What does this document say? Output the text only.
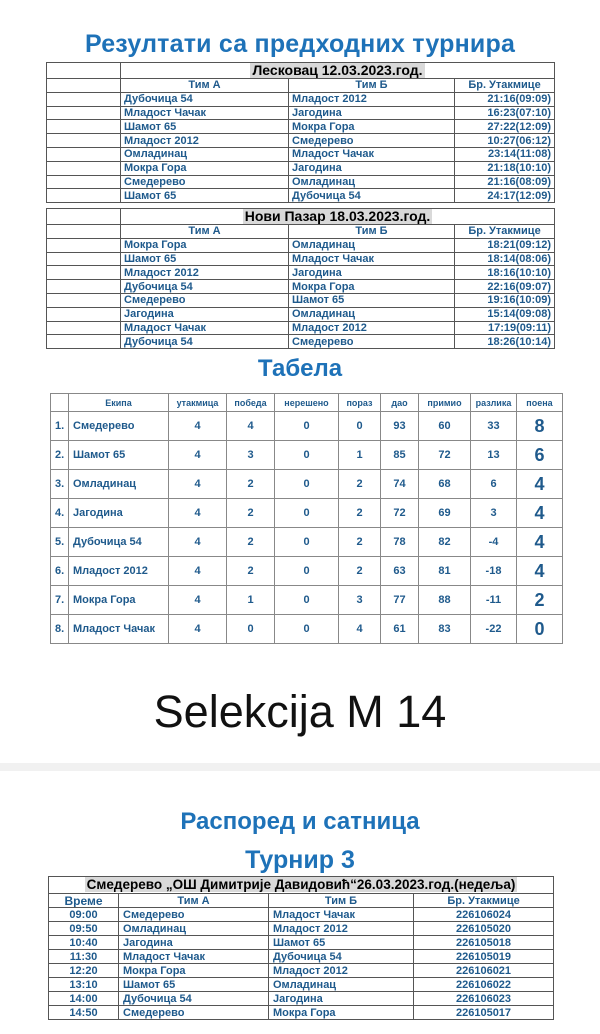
Резултати са предходних турнира
	Лесковац 12.03.2023.год.		
	Тим А	Тим Б	Бр. Утакмице
	Дубочица 54	Младост 2012	21:16(09:09)
	Младост Чачак	Јагодина	16:23(07:10)
	Шамот 65	Мокра Гора	27:22(12:09)
	Младост 2012	Смедерево	10:27(06:12)
	Омладинац	Младост Чачак	23:14(11:08)
	Мокра Гора	Јагодина	21:18(10:10)
	Смедерево	Омладинац	21:16(08:09)
	Шамот 65	Дубочица 54	24:17(12:09)
	Нови Пазар 18.03.2023.год.		
	Тим А	Тим Б	Бр. Утакмице
	Мокра Гора	Омладинац	18:21(09:12)
	Шамот 65	Младост Чачак	18:14(08:06)
	Младост 2012	Јагодина	18:16(10:10)
	Дубочица 54	Мокра Гора	22:16(09:07)
	Смедерево	Шамот 65	19:16(10:09)
	Јагодина	Омладинац	15:14(09:08)
	Младост Чачак	Младост 2012	17:19(09:11)
	Дубочица 54	Смедерево	18:26(10:14)
Табела
	Екипа	утакмица	победа	нерешено	пораз	дао	примио	разлика	поена
1.	Смедерево	4	4	0	0	93	60	33	8
2.	Шамот 65	4	3	0	1	85	72	13	6
3.	Омладинац	4	2	0	2	74	68	6	4
4.	Јагодина	4	2	0	2	72	69	3	4
5.	Дубочица 54	4	2	0	2	78	82	-4	4
6.	Младост 2012	4	2	0	2	63	81	-18	4
7.	Мокра Гора	4	1	0	3	77	88	-11	2
8.	Младост Чачак	4	0	0	4	61	83	-22	0
Selekcija M 14
Распоред и сатница
Турнир 3
Смедерево „ОШ Димитрије Давидовић“26.03.2023.год.(недеља)			
Време	Тим А	Тим Б	Бр. Утакмице
09:00	Смедерево	Младост Чачак	226106024
09:50	Омладинац	Младост 2012	226105020
10:40	Јагодина	Шамот 65	226105018
11:30	Младост Чачак	Дубочица 54	226105019
12:20	Мокра Гора	Младост 2012	226106021
13:10	Шамот 65	Омладинац	226106022
14:00	Дубочица 54	Јагодина	226106023
14:50	Смедерево	Мокра Гора	226105017
